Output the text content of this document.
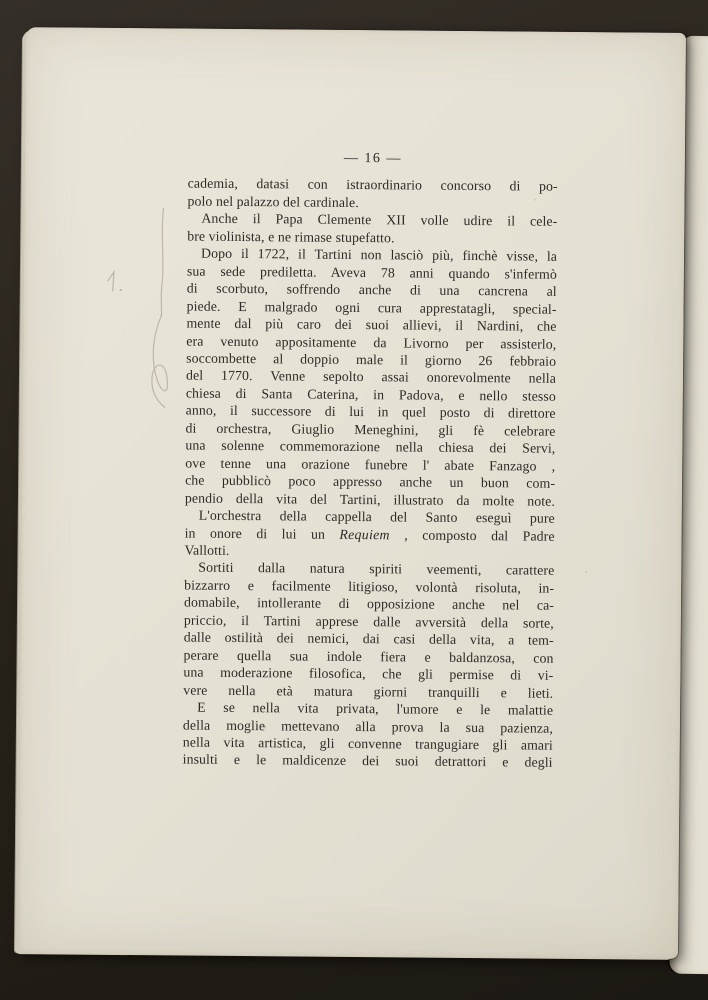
— 16 —
cademia, datasi con istraordinario concorso di po-
polo nel palazzo del cardinale.
Anche il Papa Clemente XII volle udire il cele-
bre violinista, e ne rimase stupefatto.
Dopo il 1722, il Tartini non lasciò più, finchè visse, la
sua sede prediletta. Aveva 78 anni quando s'infermò
di scorbuto, soffrendo anche di una cancrena al
piede. E malgrado ogni cura apprestatagli, special-
mente dal più caro dei suoi allievi, il Nardini, che
era venuto appositamente da Livorno per assisterlo,
soccombette al doppio male il giorno 26 febbraio
del 1770. Venne sepolto assai onorevolmente nella
chiesa di Santa Caterina, in Padova, e nello stesso
anno, il successore di lui in quel posto di direttore
di orchestra, Giuglio Meneghini, gli fè celebrare
una solenne commemorazione nella chiesa dei Servi,
ove tenne una orazione funebre l' abate Fanzago ,
che pubblicò poco appresso anche un buon com-
pendio della vita del Tartini, illustrato da molte note.
L'orchestra della cappella del Santo eseguì pure
in onore di lui un Requiem , composto dal Padre
Vallotti.
Sortiti dalla natura spiriti veementi, carattere
bizzarro e facilmente litigioso, volontà risoluta, in-
domabile, intollerante di opposizione anche nel ca-
priccio, il Tartini apprese dalle avversità della sorte,
dalle ostilità dei nemici, dai casi della vita, a tem-
perare quella sua indole fiera e baldanzosa, con
una moderazione filosofica, che gli permise di vi-
vere nella età matura giorni tranquilli e lieti.
E se nella vita privata, l'umore e le malattie
della moglie mettevano alla prova la sua pazienza,
nella vita artistica, gli convenne trangugiare gli amari
insulti e le maldicenze dei suoi detrattori e degli
